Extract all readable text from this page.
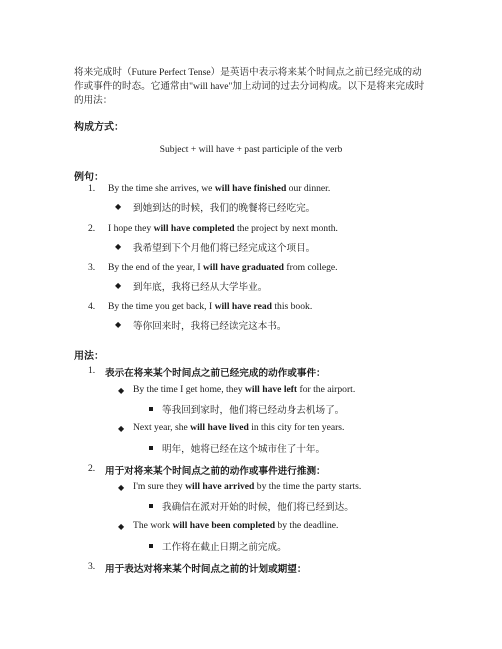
将来完成时（Future Perfect Tense）是英语中表示将来某个时间点之前已经完成的动作或事件的时态。它通常由"will have"加上动词的过去分词构成。以下是将来完成时的用法：
构成方式：
Subject + will have + past participle of the verb
例句：
1. By the time she arrives, we will have finished our dinner.
◆ 到她到达的时候，我们的晚餐将已经吃完。
2. I hope they will have completed the project by next month.
◆ 我希望到下个月他们将已经完成这个项目。
3. By the end of the year, I will have graduated from college.
◆ 到年底，我将已经从大学毕业。
4. By the time you get back, I will have read this book.
◆ 等你回来时，我将已经读完这本书。
用法：
1. 表示在将来某个时间点之前已经完成的动作或事件：
◆ By the time I get home, they will have left for the airport.
等我回到家时，他们将已经动身去机场了。
◆ Next year, she will have lived in this city for ten years.
明年，她将已经在这个城市住了十年。
2. 用于对将来某个时间点之前的动作或事件进行推测：
◆ I'm sure they will have arrived by the time the party starts.
我确信在派对开始的时候，他们将已经到达。
◆ The work will have been completed by the deadline.
工作将在截止日期之前完成。
3. 用于表达对将来某个时间点之前的计划或期望：
